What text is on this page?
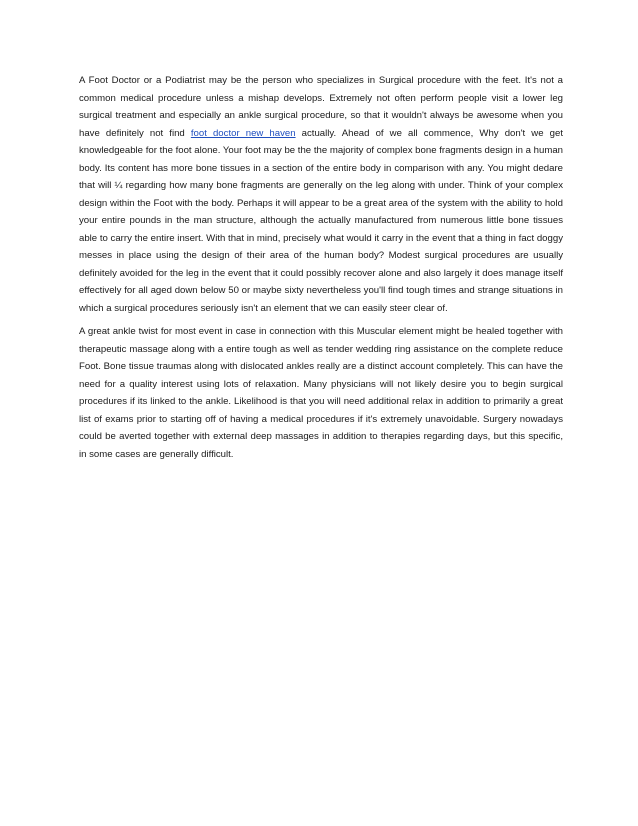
A Foot Doctor or a Podiatrist may be the person who specializes in Surgical procedure with the feet. It's not a common medical procedure unless a mishap develops. Extremely not often perform people visit a lower leg surgical treatment and especially an ankle surgical procedure, so that it wouldn't always be awesome when you have definitely not find foot doctor new haven actually. Ahead of we all commence, Why don't we get knowledgeable for the foot alone. Your foot may be the the majority of complex bone fragments design in a human body. Its content has more bone tissues in a section of the entire body in comparison with any. You might dedare that will ¼ regarding how many bone fragments are generally on the leg along with under. Think of your complex design within the Foot with the body. Perhaps it will appear to be a great area of the system with the ability to hold your entire pounds in the man structure, although the actually manufactured from numerous little bone tissues able to carry the entire insert. With that in mind, precisely what would it carry in the event that a thing in fact doggy messes in place using the design of their area of the human body? Modest surgical procedures are usually definitely avoided for the leg in the event that it could possibly recover alone and also largely it does manage itself effectively for all aged down below 50 or maybe sixty nevertheless you'll find tough times and strange situations in which a surgical procedures seriously isn't an element that we can easily steer clear of.

A great ankle twist for most event in case in connection with this Muscular element might be healed together with therapeutic massage along with a entire tough as well as tender wedding ring assistance on the complete reduce Foot. Bone tissue traumas along with dislocated ankles really are a distinct account completely. This can have the need for a quality interest using lots of relaxation. Many physicians will not likely desire you to begin surgical procedures if its linked to the ankle. Likelihood is that you will need additional relax in addition to primarily a great list of exams prior to starting off of having a medical procedures if it's extremely unavoidable. Surgery nowadays could be averted together with external deep massages in addition to therapies regarding days, but this specific, in some cases are generally difficult.
